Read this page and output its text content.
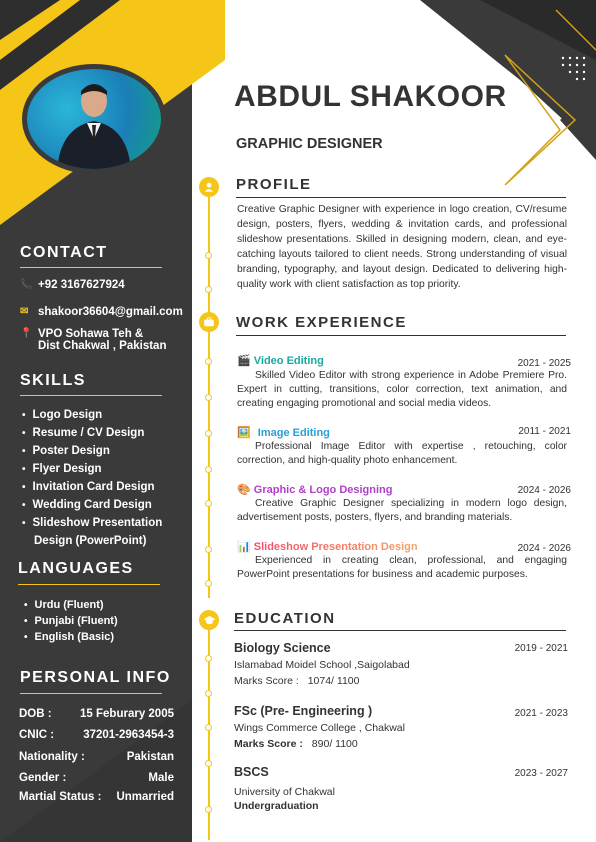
CONTACT
📞 +92 3167627924
✉ shakoor36604@gmail.com
📍 VPO Sohawa Teh &
Dist Chakwal , Pakistan
SKILLS
• Logo Design
• Resume / CV Design
• Poster Design
• Flyer Design
• Invitation Card Design
• Wedding Card Design
• Slideshow Presentation
Design (PowerPoint)
LANGUAGES
• Urdu (Fluent)
• Punjabi (Fluent)
• English (Basic)
PERSONAL INFO
DOB : 15 Feburary 2005
CNIC :	37201-2963454-3
Nationality :	Pakistan
Gender :	Male
Martial Status : Unmarried
ABDUL SHAKOOR
GRAPHIC DESIGNER
PROFILE
Creative Graphic Designer with experience in logo creation, CV/resume design, posters, flyers, wedding & invitation cards, and professional slideshow presentations. Skilled in designing modern, clean, and eye-catching layouts tailored to client needs. Strong understanding of visual branding, typography, and layout design. Dedicated to delivering high-quality work with client satisfaction as top priority.
WORK EXPERIENCE
🎬 Video Editing	2021 - 2025
Skilled Video Editor with strong experience in Adobe Premiere Pro. Expert in cutting, transitions, color correction, text animation, and creating engaging promotional and social media videos.
🖼️ Image Editing	2011 - 2021
Professional Image Editor with expertise , retouching, color correction, and high-quality photo enhancement.
🎨 Graphic & Logo Designing	2024 - 2026
Creative Graphic Designer specializing in modern logo design, advertisement posts, posters, flyers, and branding materials.
📊 Slideshow Presentation Design	2024 - 2026
Experienced in creating clean, professional, and engaging PowerPoint presentations for business and academic purposes.
EDUCATION
Biology Science	2019 - 2021
Islamabad Moidel School ,Saigolabad
Marks Score : 1074/ 1100
FSc (Pre- Engineering )	2021 - 2023
Wings Commerce College , Chakwal
Marks Score : 890/ 1100
BSCS	2023 - 2027
University of Chakwal
Undergraduation
